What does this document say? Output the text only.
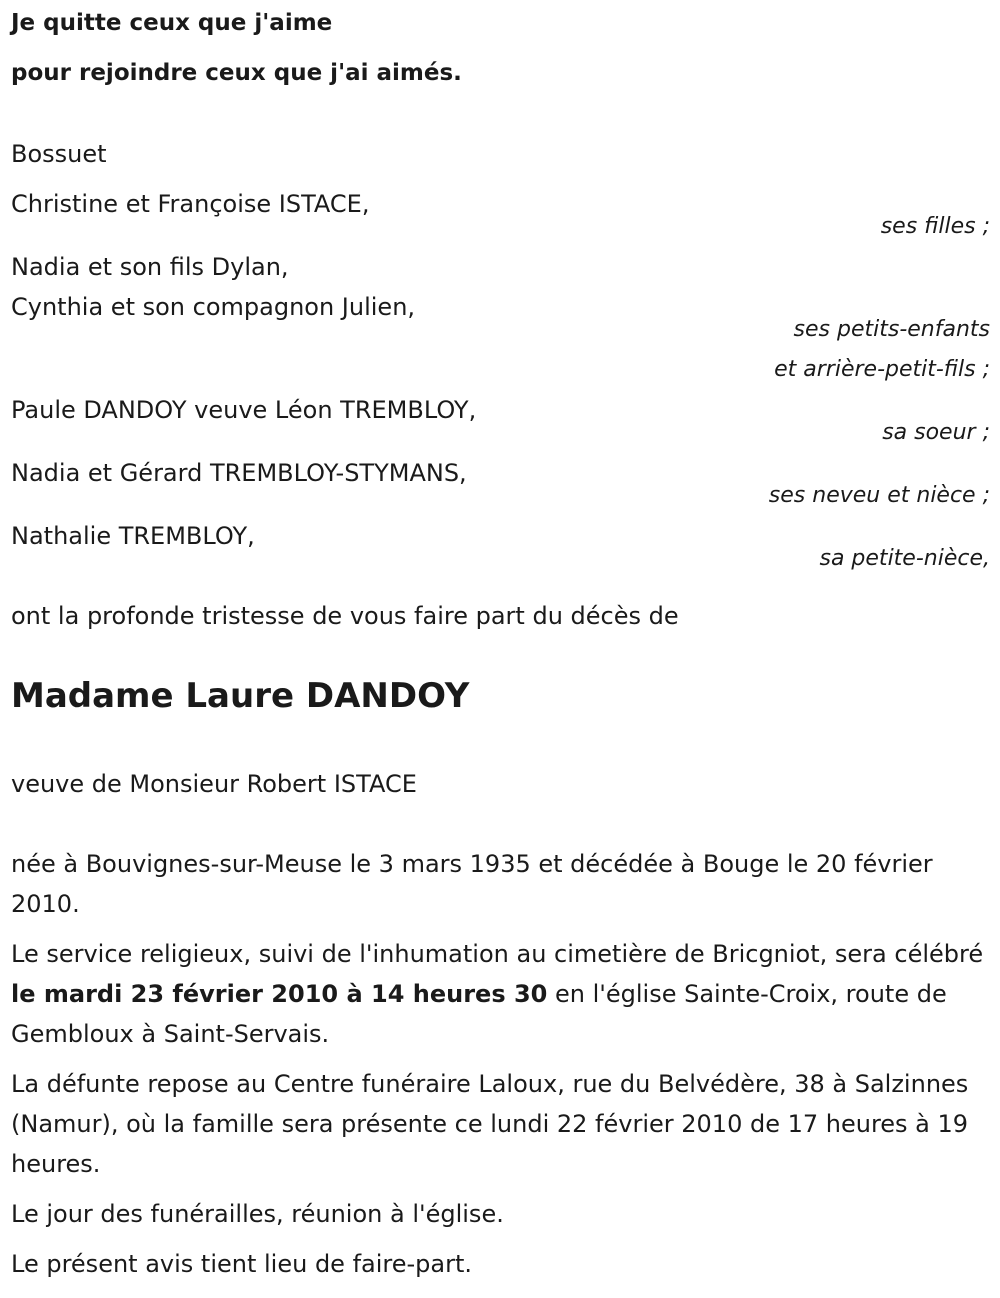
Je quitte ceux que j'aime

pour rejoindre ceux que j'ai aimés.

Bossuet

Christine et Françoise ISTACE,

ses filles ;

Nadia et son fils Dylan,

Cynthia et son compagnon Julien,

ses petits-enfants

et arrière-petit-fils ;

Paule DANDOY veuve Léon TREMBLOY,

sa soeur ;

Nadia et Gérard TREMBLOY-STYMANS,

ses neveu et nièce ;

Nathalie TREMBLOY,

sa petite-nièce,

ont la profonde tristesse de vous faire part du décès de

Madame Laure DANDOY

veuve de Monsieur Robert ISTACE

née à Bouvignes-sur-Meuse le 3 mars 1935 et décédée à Bouge le 20 février 2010.

Le service religieux, suivi de l'inhumation au cimetière de Bricgniot, sera célébré le mardi 23 février 2010 à 14 heures 30 en l'église Sainte-Croix, route de Gembloux à Saint-Servais.

La défunte repose au Centre funéraire Laloux, rue du Belvédère, 38 à Salzinnes (Namur), où la famille sera présente ce lundi 22 février 2010 de 17 heures à 19 heures.

Le jour des funérailles, réunion à l'église.

Le présent avis tient lieu de faire-part.
